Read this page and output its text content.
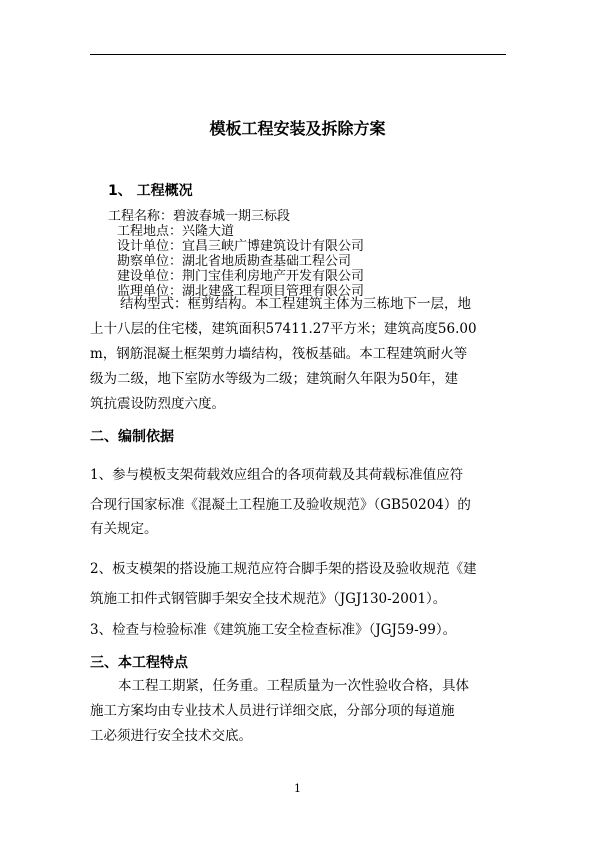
模板工程安装及拆除方案
1、 工程概况
工程名称：碧波春城一期三标段
工程地点：兴隆大道
设计单位：宜昌三峡广博建筑设计有限公司
勘察单位：湖北省地质勘查基础工程公司
建设单位：荆门宝佳利房地产开发有限公司
监理单位：湖北建盛工程项目管理有限公司
结构型式：框剪结构。本工程建筑主体为三栋地下一层，地
上十八层的住宅楼，建筑面积57411.27平方米；建筑高度56.00
m，钢筋混凝土框架剪力墙结构，筏板基础。本工程建筑耐火等
级为二级，地下室防水等级为二级；建筑耐久年限为50年，建
筑抗震设防烈度六度。
二、编制依据
1、参与模板支架荷载效应组合的各项荷载及其荷载标准值应符
合现行国家标准《混凝土工程施工及验收规范》（GB50204）的
有关规定。
2、板支模架的搭设施工规范应符合脚手架的搭设及验收规范《建
筑施工扣件式钢管脚手架安全技术规范》（JGJ130-2001）。
3、检查与检验标准《建筑施工安全检查标准》（JGJ59-99）。
三、本工程特点
本工程工期紧，任务重。工程质量为一次性验收合格，具体
施工方案均由专业技术人员进行详细交底，分部分项的每道施
工必须进行安全技术交底。
1
